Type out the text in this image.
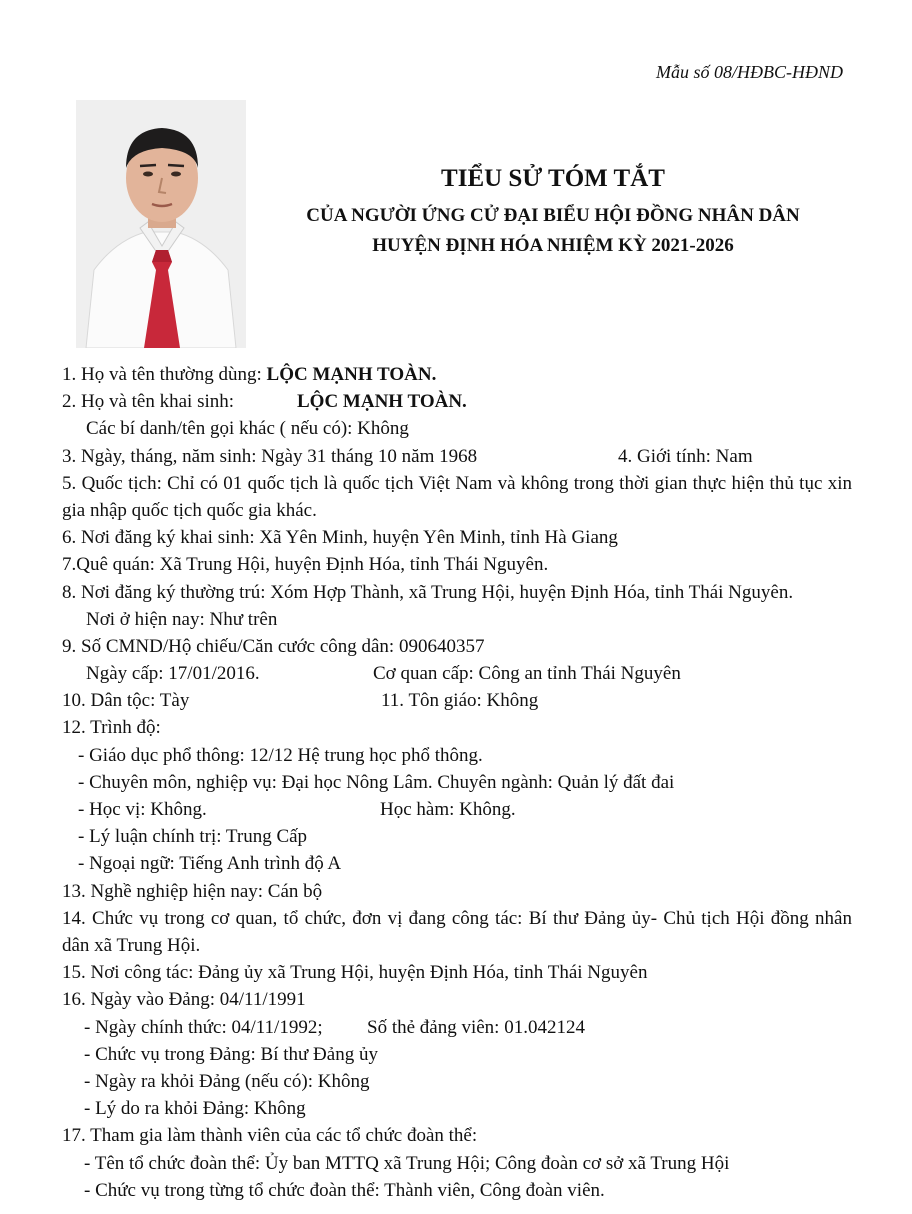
Mẫu số 08/HĐBC-HĐND
TIỂU SỬ TÓM TẮT
CỦA NGƯỜI ỨNG CỬ ĐẠI BIỂU HỘI ĐỒNG NHÂN DÂN
HUYỆN ĐỊNH HÓA NHIỆM KỲ 2021-2026
1. Họ và tên thường dùng: LỘC MẠNH TOÀN.
2. Họ và tên khai sinh:	LỘC MẠNH TOÀN.
Các bí danh/tên gọi khác ( nếu có): Không
3. Ngày, tháng, năm sinh: Ngày 31 tháng 10 năm 1968	4. Giới tính: Nam
5. Quốc tịch: Chỉ có 01 quốc tịch là quốc tịch Việt Nam và không trong thời gian thực hiện thủ tục xin gia nhập quốc tịch quốc gia khác.
6. Nơi đăng ký khai sinh: Xã Yên Minh, huyện Yên Minh, tỉnh Hà Giang
7.Quê quán: Xã Trung Hội, huyện Định Hóa, tỉnh Thái Nguyên.
8. Nơi đăng ký thường trú: Xóm Hợp Thành, xã Trung Hội, huyện Định Hóa, tỉnh Thái Nguyên.
Nơi ở hiện nay: Như trên
9. Số CMND/Hộ chiếu/Căn cước công dân: 090640357
Ngày cấp: 17/01/2016.	Cơ quan cấp: Công an tỉnh Thái Nguyên
10. Dân tộc: Tày	11. Tôn giáo: Không
12. Trình độ:
- Giáo dục phổ thông: 12/12 Hệ trung học phổ thông.
- Chuyên môn, nghiệp vụ: Đại học Nông Lâm. Chuyên ngành: Quản lý đất đai
- Học vị: Không.	Học hàm: Không.
- Lý luận chính trị: Trung Cấp
- Ngoại ngữ: Tiếng Anh trình độ A
13. Nghề nghiệp hiện nay: Cán bộ
14. Chức vụ trong cơ quan, tổ chức, đơn vị đang công tác: Bí thư Đảng ủy- Chủ tịch Hội đồng nhân dân xã Trung Hội.
15. Nơi công tác: Đảng ủy xã Trung Hội, huyện Định Hóa, tỉnh Thái Nguyên
16. Ngày vào Đảng: 04/11/1991
- Ngày chính thức: 04/11/1992; Số thẻ đảng viên: 01.042124
- Chức vụ trong Đảng: Bí thư Đảng ủy
- Ngày ra khỏi Đảng (nếu có): Không
- Lý do ra khỏi Đảng: Không
17. Tham gia làm thành viên của các tổ chức đoàn thể:
- Tên tổ chức đoàn thể: Ủy ban MTTQ xã Trung Hội; Công đoàn cơ sở xã Trung Hội
- Chức vụ trong từng tổ chức đoàn thể: Thành viên, Công đoàn viên.
